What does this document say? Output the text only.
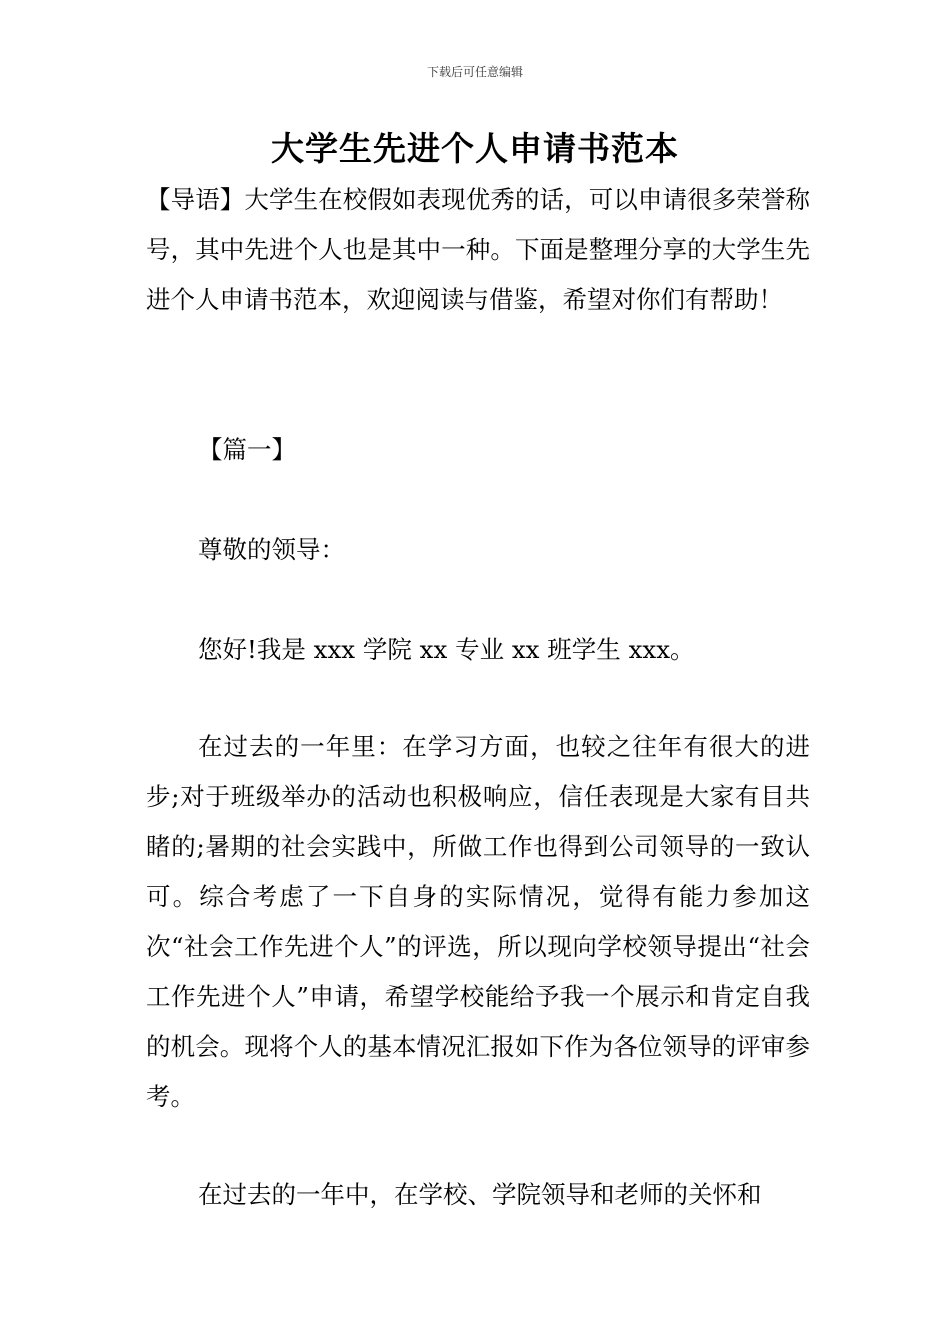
下载后可任意编辑
大学生先进个人申请书范本
【导语】大学生在校假如表现优秀的话，可以申请很多荣誉称号，其中先进个人也是其中一种。下面是整理分享的大学生先进个人申请书范本，欢迎阅读与借鉴，希望对你们有帮助！
【篇一】
尊敬的领导：
您好!我是 xxx 学院 xx 专业 xx 班学生 xxx。
在过去的一年里：在学习方面，也较之往年有很大的进步;对于班级举办的活动也积极响应，信任表现是大家有目共睹的;暑期的社会实践中，所做工作也得到公司领导的一致认可。综合考虑了一下自身的实际情况，觉得有能力参加这次“社会工作先进个人”的评选，所以现向学校领导提出“社会工作先进个人”申请，希望学校能给予我一个展示和肯定自我的机会。现将个人的基本情况汇报如下作为各位领导的评审参考。
在过去的一年中，在学校、学院领导和老师的关怀和
